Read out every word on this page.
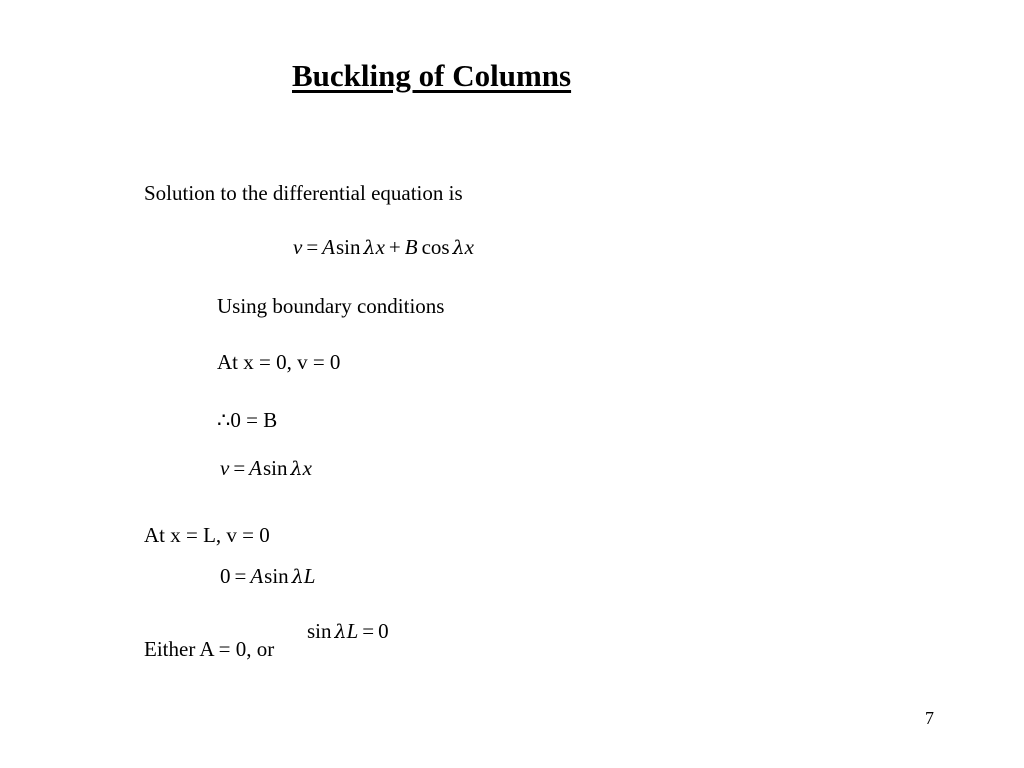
Buckling of Columns
Solution to the differential equation is
v = Asin λx + B cos λx
Using boundary conditions
At x = 0, v = 0
∴0 = B
v = Asin λx
At x = L, v = 0
0 = Asin λL
sin λL = 0
Either A = 0, or
7
